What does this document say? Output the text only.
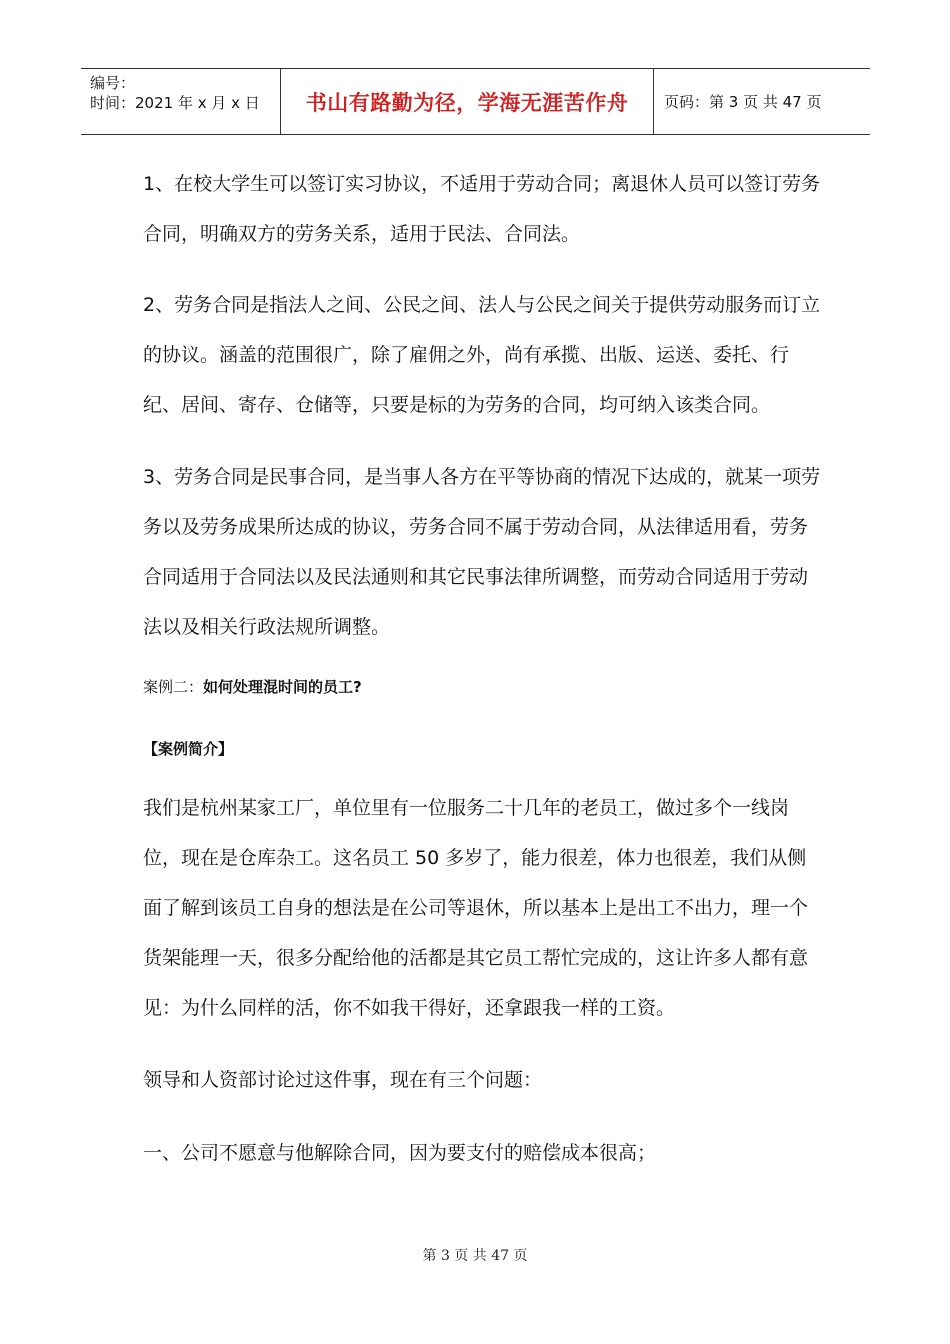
编号：
时间：2021 年 x 月 x 日	书山有路勤为径，学海无涯苦作舟	页码：第 3 页 共 47 页

1、在校大学生可以签订实习协议，不适用于劳动合同；离退休人员可以签订劳务合同，明确双方的劳务关系，适用于民法、合同法。

2、劳务合同是指法人之间、公民之间、法人与公民之间关于提供劳动服务而订立的协议。涵盖的范围很广，除了雇佣之外，尚有承揽、出版、运送、委托、行纪、居间、寄存、仓储等，只要是标的为劳务的合同，均可纳入该类合同。

3、劳务合同是民事合同，是当事人各方在平等协商的情况下达成的，就某一项劳务以及劳务成果所达成的协议，劳务合同不属于劳动合同，从法律适用看，劳务合同适用于合同法以及民法通则和其它民事法律所调整，而劳动合同适用于劳动法以及相关行政法规所调整。

案例二：如何处理混时间的员工?

【案例简介】

我们是杭州某家工厂，单位里有一位服务二十几年的老员工，做过多个一线岗位，现在是仓库杂工。这名员工 50 多岁了，能力很差，体力也很差，我们从侧面了解到该员工自身的想法是在公司等退休，所以基本上是出工不出力，理一个货架能理一天，很多分配给他的活都是其它员工帮忙完成的，这让许多人都有意见：为什么同样的活，你不如我干得好，还拿跟我一样的工资。

领导和人资部讨论过这件事，现在有三个问题：

一、公司不愿意与他解除合同，因为要支付的赔偿成本很高；

第 3 页 共 47 页
